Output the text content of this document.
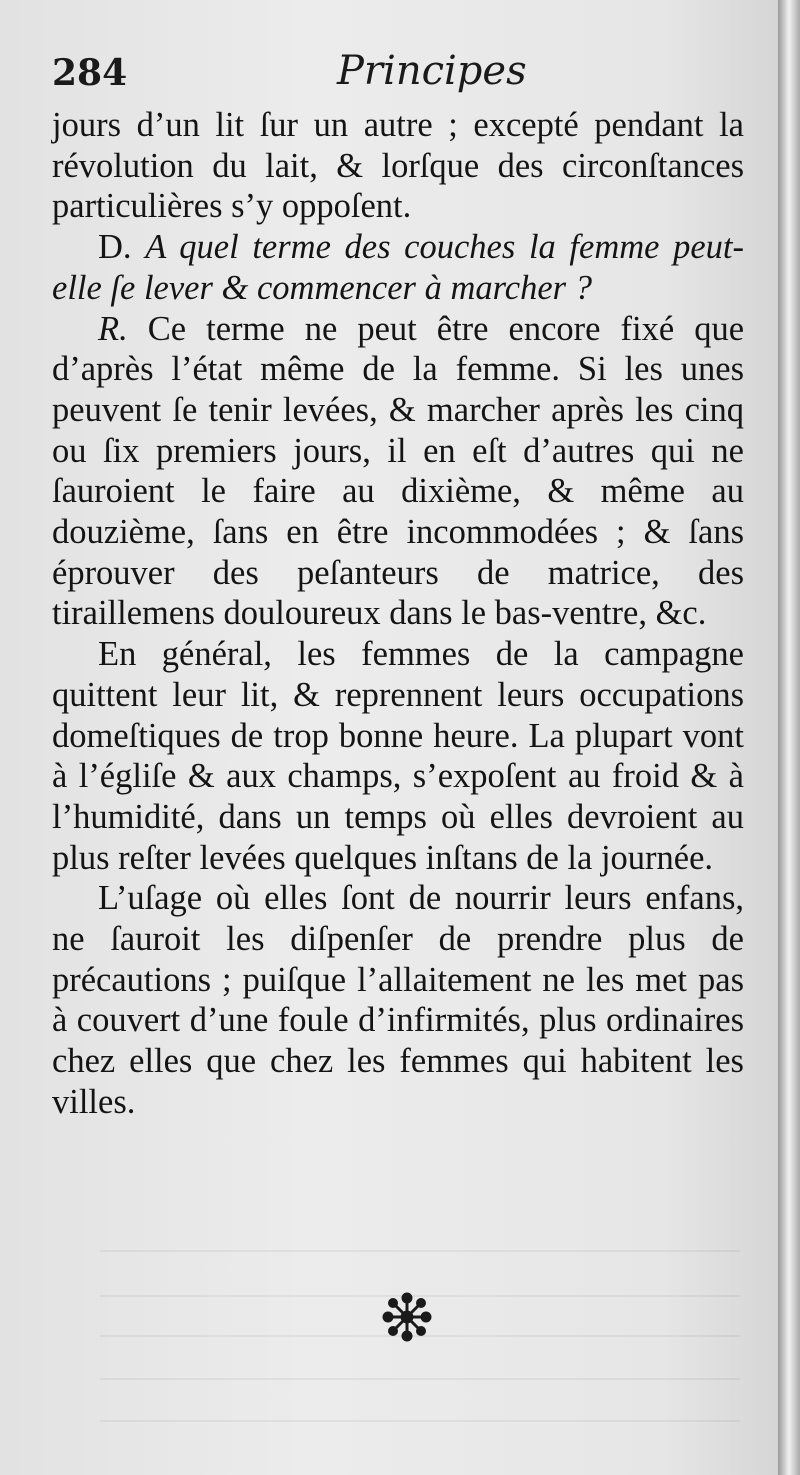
284	Principes

jours d’un lit ſur un autre ; excepté pendant la révolution du lait, & lorſque des circonſtances particulières s’y oppoſent.

D. A quel terme des couches la femme peut-elle ſe lever & commencer à marcher ?

R. Ce terme ne peut être encore fixé que d’après l’état même de la femme. Si les unes peuvent ſe tenir levées, & marcher après les cinq ou ſix premiers jours, il en eſt d’autres qui ne ſauroient le faire au dixième, & même au douzième, ſans en être incommodées ; & ſans éprouver des peſanteurs de matrice, des tiraillemens douloureux dans le bas-ventre, &c.

En général, les femmes de la campagne quittent leur lit, & reprennent leurs occupations domeſtiques de trop bonne heure. La plupart vont à l’égliſe & aux champs, s’expoſent au froid & à l’humidité, dans un temps où elles devroient au plus reſter levées quelques inſtans de la journée.

L’uſage où elles ſont de nourrir leurs enfans, ne ſauroit les diſpenſer de prendre plus de précautions ; puiſque l’allaitement ne les met pas à couvert d’une foule d’infirmités, plus ordinaires chez elles que chez les femmes qui habitent les villes.
